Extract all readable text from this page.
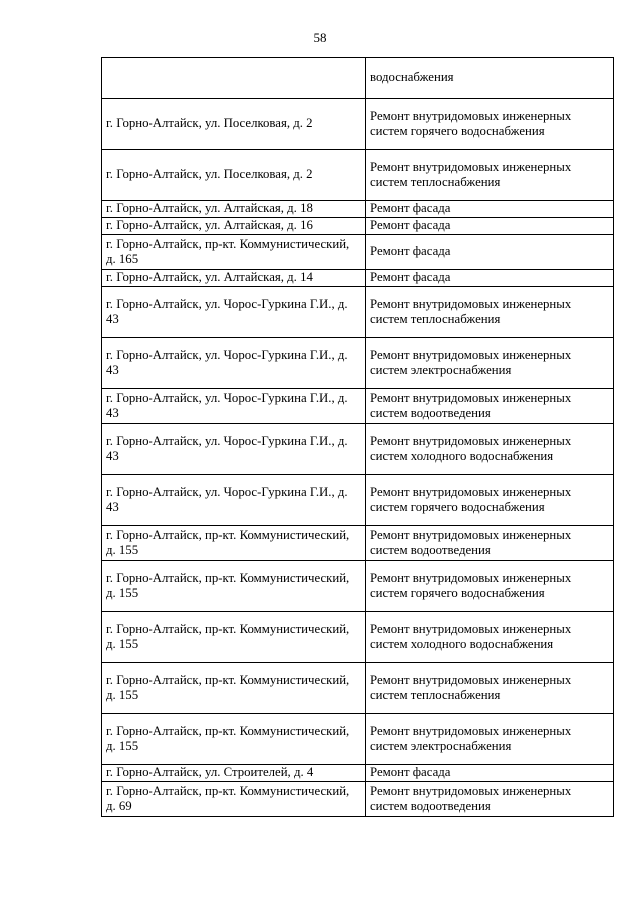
58
	водоснабжения
г. Горно-Алтайск, ул. Поселковая, д. 2	Ремонт внутридомовых инженерных систем горячего водоснабжения
г. Горно-Алтайск, ул. Поселковая, д. 2	Ремонт внутридомовых инженерных систем теплоснабжения
г. Горно-Алтайск, ул. Алтайская, д. 18	Ремонт фасада
г. Горно-Алтайск, ул. Алтайская, д. 16	Ремонт фасада
г. Горно-Алтайск, пр-кт. Коммунистический, д. 165	Ремонт фасада
г. Горно-Алтайск, ул. Алтайская, д. 14	Ремонт фасада
г. Горно-Алтайск, ул. Чорос-Гуркина Г.И., д. 43	Ремонт внутридомовых инженерных систем теплоснабжения
г. Горно-Алтайск, ул. Чорос-Гуркина Г.И., д. 43	Ремонт внутридомовых инженерных систем электроснабжения
г. Горно-Алтайск, ул. Чорос-Гуркина Г.И., д. 43	Ремонт внутридомовых инженерных систем водоотведения
г. Горно-Алтайск, ул. Чорос-Гуркина Г.И., д. 43	Ремонт внутридомовых инженерных систем холодного водоснабжения
г. Горно-Алтайск, ул. Чорос-Гуркина Г.И., д. 43	Ремонт внутридомовых инженерных систем горячего водоснабжения
г. Горно-Алтайск, пр-кт. Коммунистический, д. 155	Ремонт внутридомовых инженерных систем водоотведения
г. Горно-Алтайск, пр-кт. Коммунистический, д. 155	Ремонт внутридомовых инженерных систем горячего водоснабжения
г. Горно-Алтайск, пр-кт. Коммунистический, д. 155	Ремонт внутридомовых инженерных систем холодного водоснабжения
г. Горно-Алтайск, пр-кт. Коммунистический, д. 155	Ремонт внутридомовых инженерных систем теплоснабжения
г. Горно-Алтайск, пр-кт. Коммунистический, д. 155	Ремонт внутридомовых инженерных систем электроснабжения
г. Горно-Алтайск, ул. Строителей, д. 4	Ремонт фасада
г. Горно-Алтайск, пр-кт. Коммунистический, д. 69	Ремонт внутридомовых инженерных систем водоотведения
